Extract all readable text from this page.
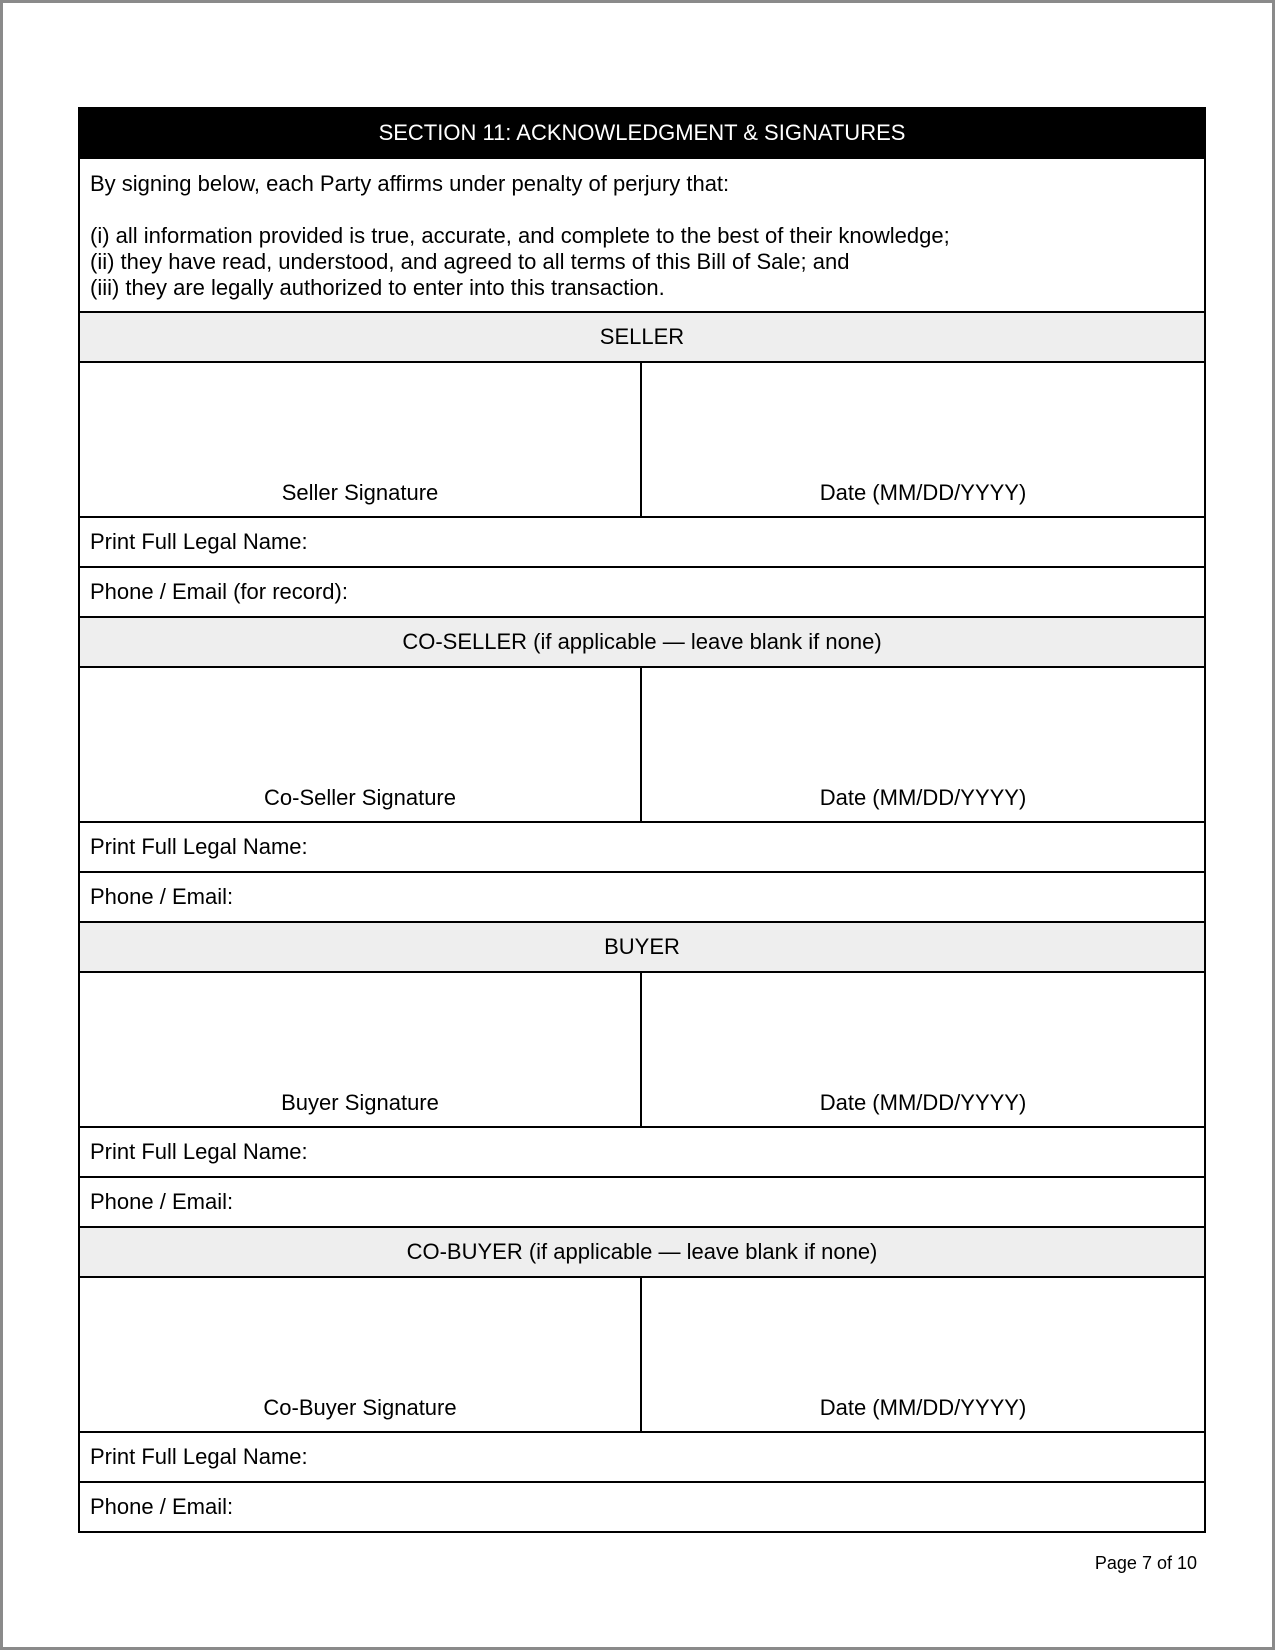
SECTION 11: ACKNOWLEDGMENT & SIGNATURES
By signing below, each Party affirms under penalty of perjury that:
(i) all information provided is true, accurate, and complete to the best of their knowledge;
(ii) they have read, understood, and agreed to all terms of this Bill of Sale; and
(iii) they are legally authorized to enter into this transaction.
SELLER
Seller Signature	Date (MM/DD/YYYY)
Print Full Legal Name:
Phone / Email (for record):
CO-SELLER (if applicable — leave blank if none)
Co-Seller Signature	Date (MM/DD/YYYY)
Print Full Legal Name:
Phone / Email:
BUYER
Buyer Signature	Date (MM/DD/YYYY)
Print Full Legal Name:
Phone / Email:
CO-BUYER (if applicable — leave blank if none)
Co-Buyer Signature	Date (MM/DD/YYYY)
Print Full Legal Name:
Phone / Email:
Page 7 of 10
